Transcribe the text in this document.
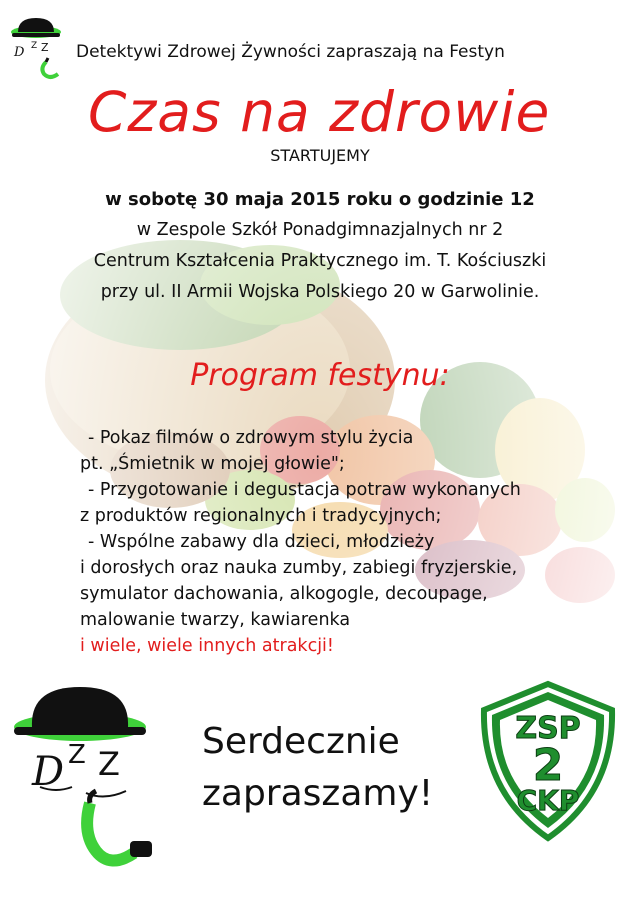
D Z Z Detektywi Zdrowej Żywności zapraszają na Festyn
Czas na zdrowie
STARTUJEMY
w sobotę 30 maja 2015 roku o godzinie 12
w Zespole Szkół Ponadgimnazjalnych nr 2
Centrum Kształcenia Praktycznego im. T. Kościuszki
przy ul. II Armii Wojska Polskiego 20 w Garwolinie.
Program festynu:
- Pokaz filmów o zdrowym stylu życia
pt. „Śmietnik w mojej głowie";
- Przygotowanie i degustacja potraw wykonanych
z produktów regionalnych i tradycyjnych;
- Wspólne zabawy dla dzieci, młodzieży
i dorosłych oraz nauka zumby, zabiegi fryzjerskie,
symulator dachowania, alkogogle, decoupage,
malowanie twarzy, kawiarenka
i wiele, wiele innych atrakcji!
D Z Z
Serdecznie
zapraszamy!
ZSP
2
CKP
